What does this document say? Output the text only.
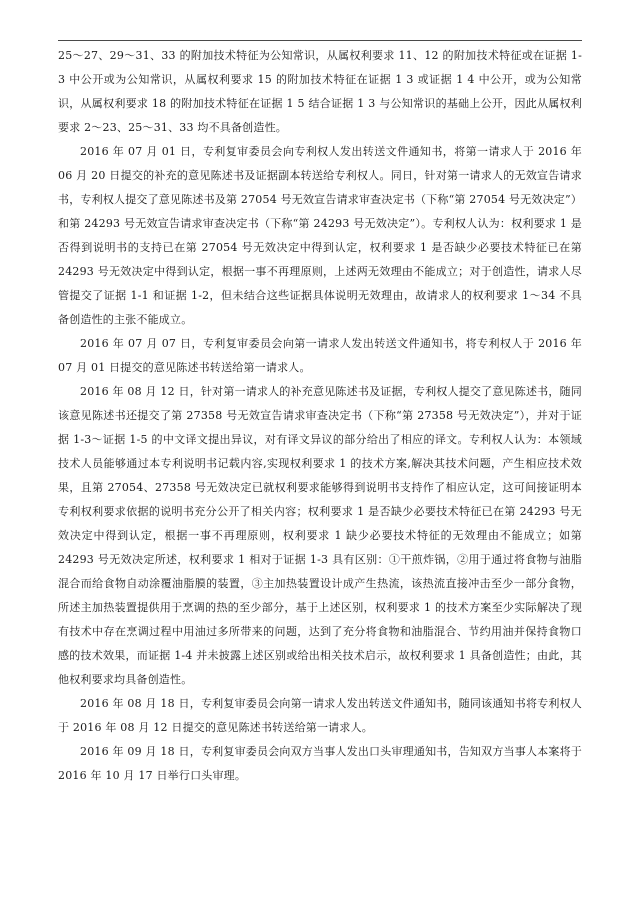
25～27、29～31、33 的附加技术特征为公知常识，从属权利要求 11、12 的附加技术特征或在证据 1-3 中公开或为公知常识，从属权利要求 15 的附加技术特征在证据 1 3 或证据 1 4 中公开，或为公知常识，从属权利要求 18 的附加技术特征在证据 1 5 结合证据 1 3 与公知常识的基础上公开，因此从属权利要求 2～23、25～31、33 均不具备创造性。

2016 年 07 月 01 日，专利复审委员会向专利权人发出转送文件通知书，将第一请求人于 2016 年 06 月 20 日提交的补充的意见陈述书及证据副本转送给专利权人。同日，针对第一请求人的无效宣告请求书，专利权人提交了意见陈述书及第 27054 号无效宣告请求审查决定书（下称“第 27054 号无效决定”）和第 24293 号无效宣告请求审查决定书（下称“第 24293 号无效决定”）。专利权人认为：权利要求 1 是否得到说明书的支持已在第 27054 号无效决定中得到认定，权利要求 1 是否缺少必要技术特征已在第 24293 号无效决定中得到认定，根据一事不再理原则，上述两无效理由不能成立；对于创造性，请求人尽管提交了证据 1-1 和证据 1-2，但未结合这些证据具体说明无效理由，故请求人的权利要求 1～34 不具备创造性的主张不能成立。

2016 年 07 月 07 日，专利复审委员会向第一请求人发出转送文件通知书，将专利权人于 2016 年 07 月 01 日提交的意见陈述书转送给第一请求人。

2016 年 08 月 12 日，针对第一请求人的补充意见陈述书及证据，专利权人提交了意见陈述书，随同该意见陈述书还提交了第 27358 号无效宣告请求审查决定书（下称“第 27358 号无效决定”），并对于证据 1-3～证据 1-5 的中文译文提出异议，对有译文异议的部分给出了相应的译文。专利权人认为：本领域技术人员能够通过本专利说明书记载内容,实现权利要求 1 的技术方案,解决其技术问题，产生相应技术效果，且第 27054、27358 号无效决定已就权利要求能够得到说明书支持作了相应认定，这可间接证明本专利权利要求依据的说明书充分公开了相关内容；权利要求 1 是否缺少必要技术特征已在第 24293 号无效决定中得到认定，根据一事不再理原则，权利要求 1 缺少必要技术特征的无效理由不能成立；如第 24293 号无效决定所述，权利要求 1 相对于证据 1-3 具有区别：①干煎炸锅，②用于通过将食物与油脂混合而给食物自动涂覆油脂膜的装置，③主加热装置设计成产生热流，该热流直接冲击至少一部分食物，所述主加热装置提供用于烹调的热的至少部分，基于上述区别，权利要求 1 的技术方案至少实际解决了现有技术中存在烹调过程中用油过多所带来的问题，达到了充分将食物和油脂混合、节约用油并保持食物口感的技术效果，而证据 1-4 并未披露上述区别或给出相关技术启示，故权利要求 1 具备创造性；由此，其他权利要求均具备创造性。

2016 年 08 月 18 日，专利复审委员会向第一请求人发出转送文件通知书，随同该通知书将专利权人于 2016 年 08 月 12 日提交的意见陈述书转送给第一请求人。

2016 年 09 月 18 日，专利复审委员会向双方当事人发出口头审理通知书，告知双方当事人本案将于 2016 年 10 月 17 日举行口头审理。
